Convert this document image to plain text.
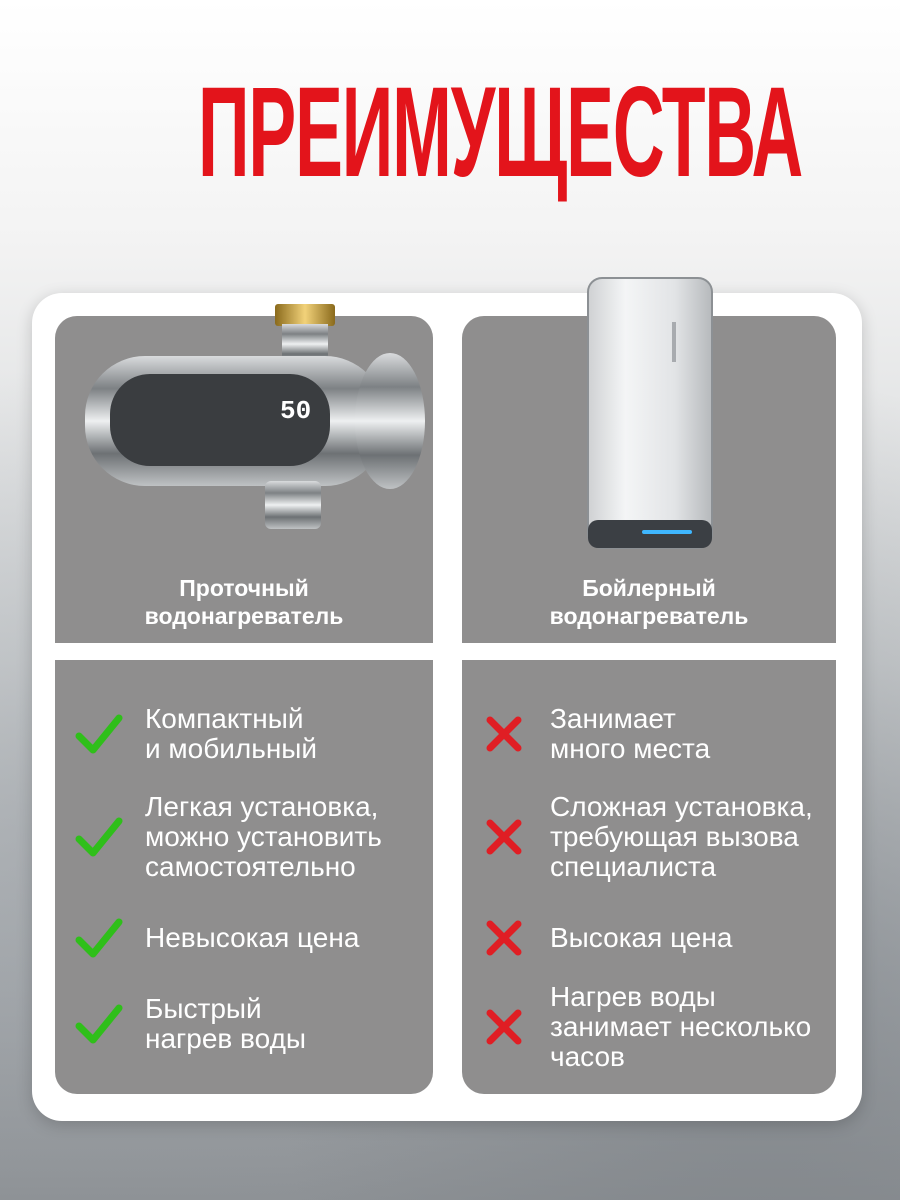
ПРЕИМУЩЕСТВА
50
Проточный
водонагреватель
Бойлерный
водонагреватель
Компактный
и мобильный
Легкая установка,
можно установить
самостоятельно
Невысокая цена
Быстрый
нагрев воды
Занимает
много места
Сложная установка,
требующая вызова
специалиста
Высокая цена
Нагрев воды
занимает несколько
часов
